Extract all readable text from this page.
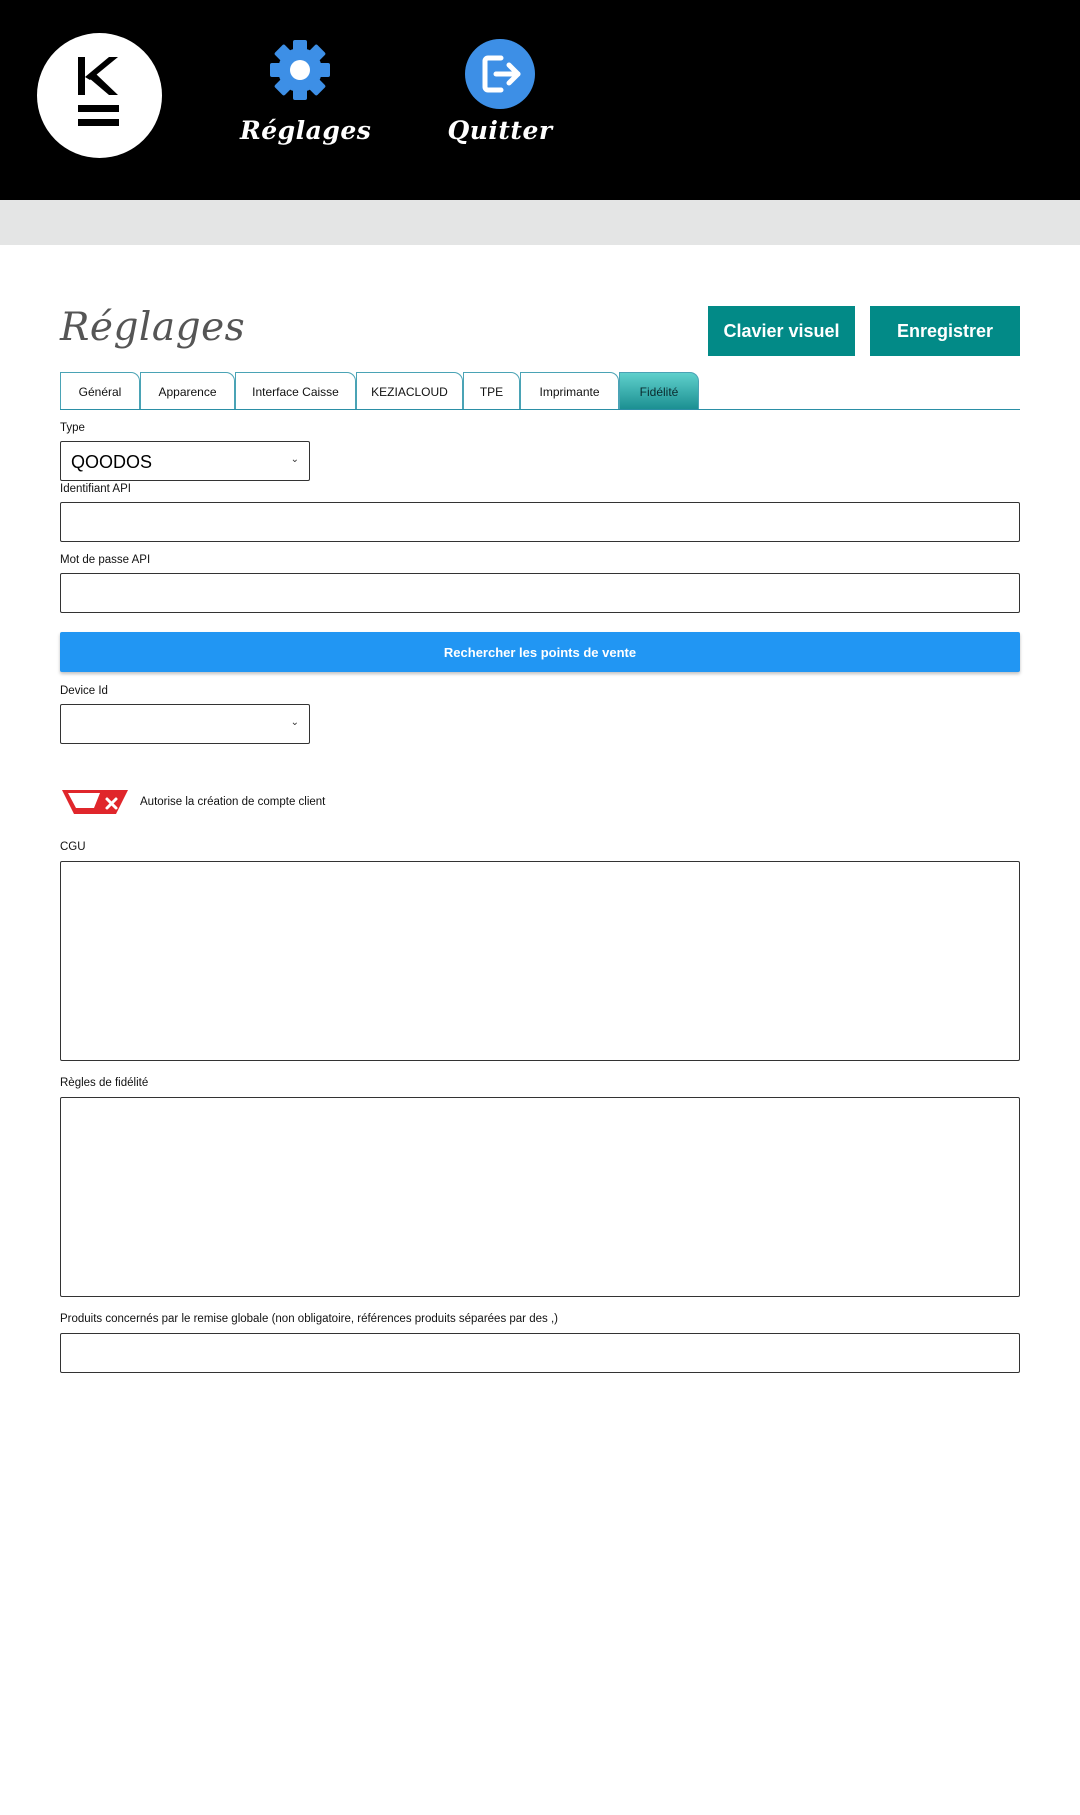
Réglages	Quitter
Réglages	Clavier visuel	Enregistrer
Général	Apparence	Interface Caisse	KEZIACLOUD	TPE	Imprimante	Fidélité
Type
QOODOS	⌄
Identifiant API
Mot de passe API
Rechercher les points de vente
Device Id
⌄
Autorise la création de compte client
CGU
Règles de fidélité
Produits concernés par le remise globale (non obligatoire, références produits séparées par des ,)
